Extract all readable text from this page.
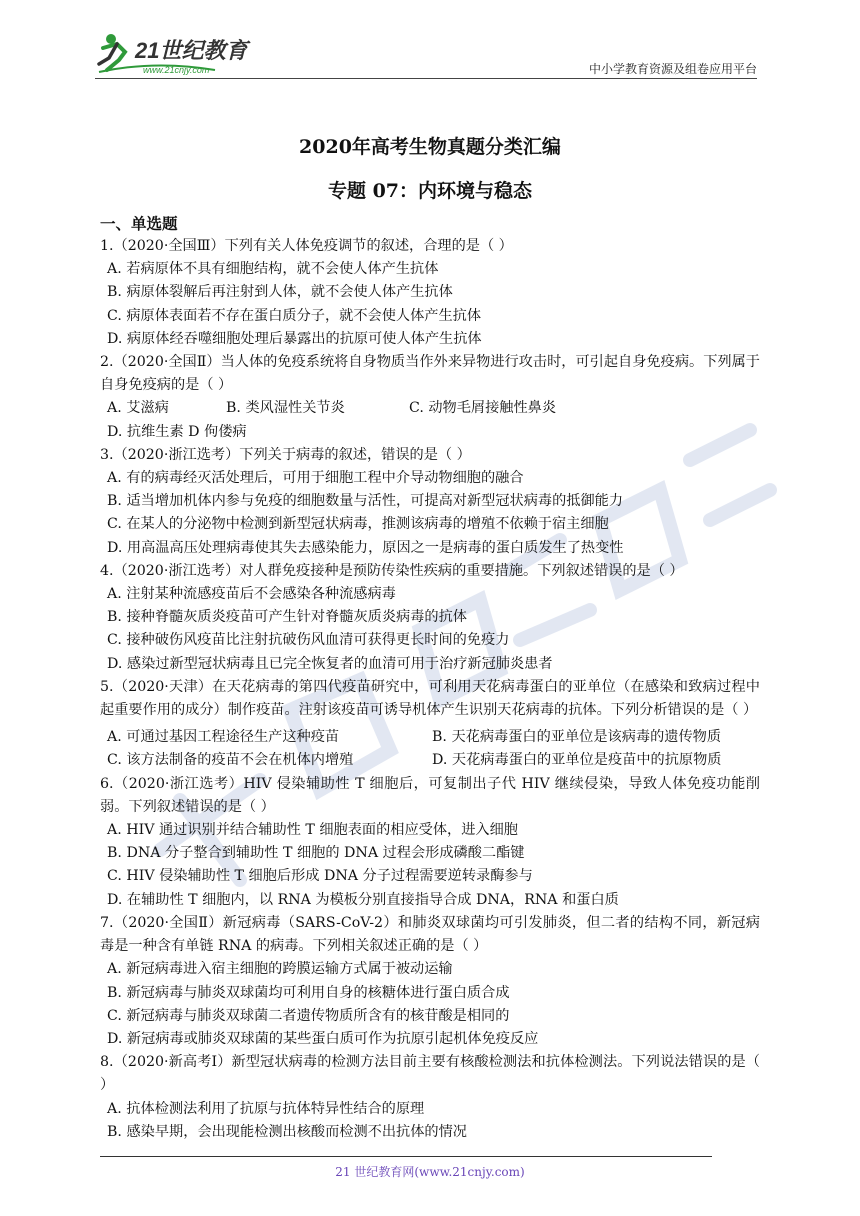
21世纪教育
www.21cnjy.com	中小学教育资源及组卷应用平台
2020年高考生物真题分类汇编
专题 07：内环境与稳态

一、单选题

1.（2020·全国Ⅲ）下列有关人体免疫调节的叙述，合理的是（ ）

A. 若病原体不具有细胞结构，就不会使人体产生抗体

B. 病原体裂解后再注射到人体，就不会使人体产生抗体

C. 病原体表面若不存在蛋白质分子，就不会使人体产生抗体

D. 病原体经吞噬细胞处理后暴露出的抗原可使人体产生抗体

2.（2020·全国Ⅱ）当人体的免疫系统将自身物质当作外来异物进行攻击时，可引起自身免疫病。下列属于自身免疫病的是（ ）

A. 艾滋病	B. 类风湿性关节炎	C. 动物毛屑接触性鼻炎
D. 抗维生素 D 佝偻病

3.（2020·浙江选考）下列关于病毒的叙述，错误的是（ ）

A. 有的病毒经灭活处理后，可用于细胞工程中介导动物细胞的融合

B. 适当增加机体内参与免疫的细胞数量与活性，可提高对新型冠状病毒的抵御能力

C. 在某人的分泌物中检测到新型冠状病毒，推测该病毒的增殖不依赖于宿主细胞

D. 用高温高压处理病毒使其失去感染能力，原因之一是病毒的蛋白质发生了热变性

4.（2020·浙江选考）对人群免疫接种是预防传染性疾病的重要措施。下列叙述错误的是（ ）

A. 注射某种流感疫苗后不会感染各种流感病毒

B. 接种脊髓灰质炎疫苗可产生针对脊髓灰质炎病毒的抗体

C. 接种破伤风疫苗比注射抗破伤风血清可获得更长时间的免疫力

D. 感染过新型冠状病毒且已完全恢复者的血清可用于治疗新冠肺炎患者

5.（2020·天津）在天花病毒的第四代疫苗研究中，可利用天花病毒蛋白的亚单位（在感染和致病过程中起重要作用的成分）制作疫苗。注射该疫苗可诱导机体产生识别天花病毒的抗体。下列分析错误的是（ ）

A. 可通过基因工程途径生产这种疫苗	B. 天花病毒蛋白的亚单位是该病毒的遗传物质
C. 该方法制备的疫苗不会在机体内增殖	D. 天花病毒蛋白的亚单位是疫苗中的抗原物质

6.（2020·浙江选考）HIV 侵染辅助性 T 细胞后，可复制出子代 HIV 继续侵染，导致人体免疫功能削弱。下列叙述错误的是（ ）

A. HIV 通过识别并结合辅助性 T 细胞表面的相应受体，进入细胞

B. DNA 分子整合到辅助性 T 细胞的 DNA 过程会形成磷酸二酯键

C. HIV 侵染辅助性 T 细胞后形成 DNA 分子过程需要逆转录酶参与

D. 在辅助性 T 细胞内，以 RNA 为模板分别直接指导合成 DNA，RNA 和蛋白质

7.（2020·全国Ⅱ）新冠病毒（SARS-CoV-2）和肺炎双球菌均可引发肺炎，但二者的结构不同，新冠病毒是一种含有单链 RNA 的病毒。下列相关叙述正确的是（ ）

A. 新冠病毒进入宿主细胞的跨膜运输方式属于被动运输

B. 新冠病毒与肺炎双球菌均可利用自身的核糖体进行蛋白质合成

C. 新冠病毒与肺炎双球菌二者遗传物质所含有的核苷酸是相同的

D. 新冠病毒或肺炎双球菌的某些蛋白质可作为抗原引起机体免疫反应

8.（2020·新高考Ⅰ）新型冠状病毒的检测方法目前主要有核酸检测法和抗体检测法。下列说法错误的是（ ）

A. 抗体检测法利用了抗原与抗体特异性结合的原理

B. 感染早期，会出现能检测出核酸而检测不出抗体的情况

21 世纪教育网(www.21cnjy.com)
